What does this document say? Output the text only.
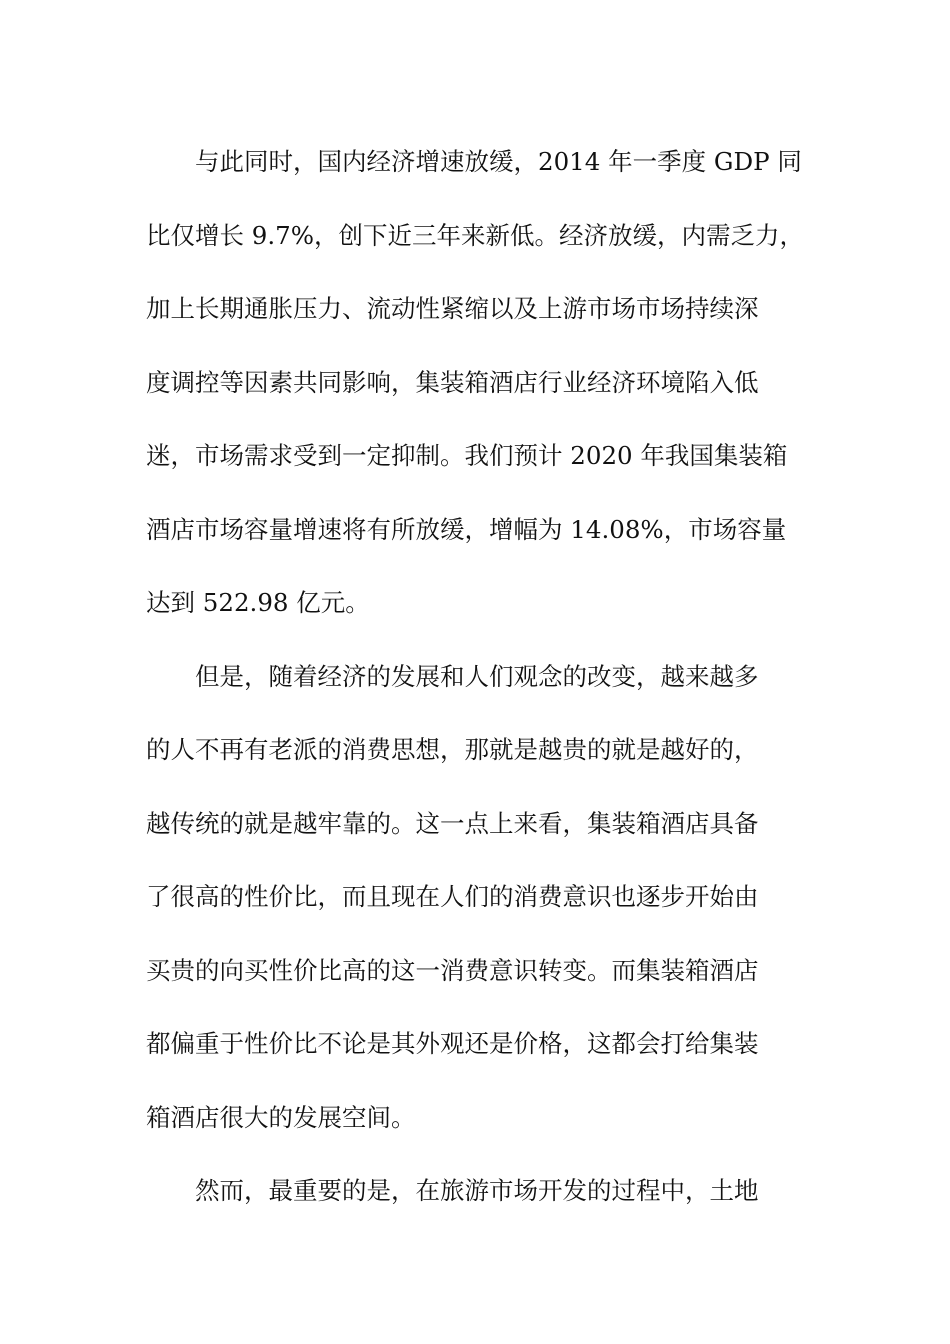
与此同时，国内经济增速放缓，2014 年一季度 GDP 同
比仅增长 9.7%，创下近三年来新低。经济放缓，内需乏力，
加上长期通胀压力、流动性紧缩以及上游市场市场持续深
度调控等因素共同影响，集装箱酒店行业经济环境陷入低
迷，市场需求受到一定抑制。我们预计 2020 年我国集装箱
酒店市场容量增速将有所放缓，增幅为 14.08%，市场容量
达到 522.98 亿元。
但是，随着经济的发展和人们观念的改变，越来越多
的人不再有老派的消费思想，那就是越贵的就是越好的，
越传统的就是越牢靠的。这一点上来看，集装箱酒店具备
了很高的性价比，而且现在人们的消费意识也逐步开始由
买贵的向买性价比高的这一消费意识转变。而集装箱酒店
都偏重于性价比不论是其外观还是价格，这都会打给集装
箱酒店很大的发展空间。
然而，最重要的是，在旅游市场开发的过程中，土地
